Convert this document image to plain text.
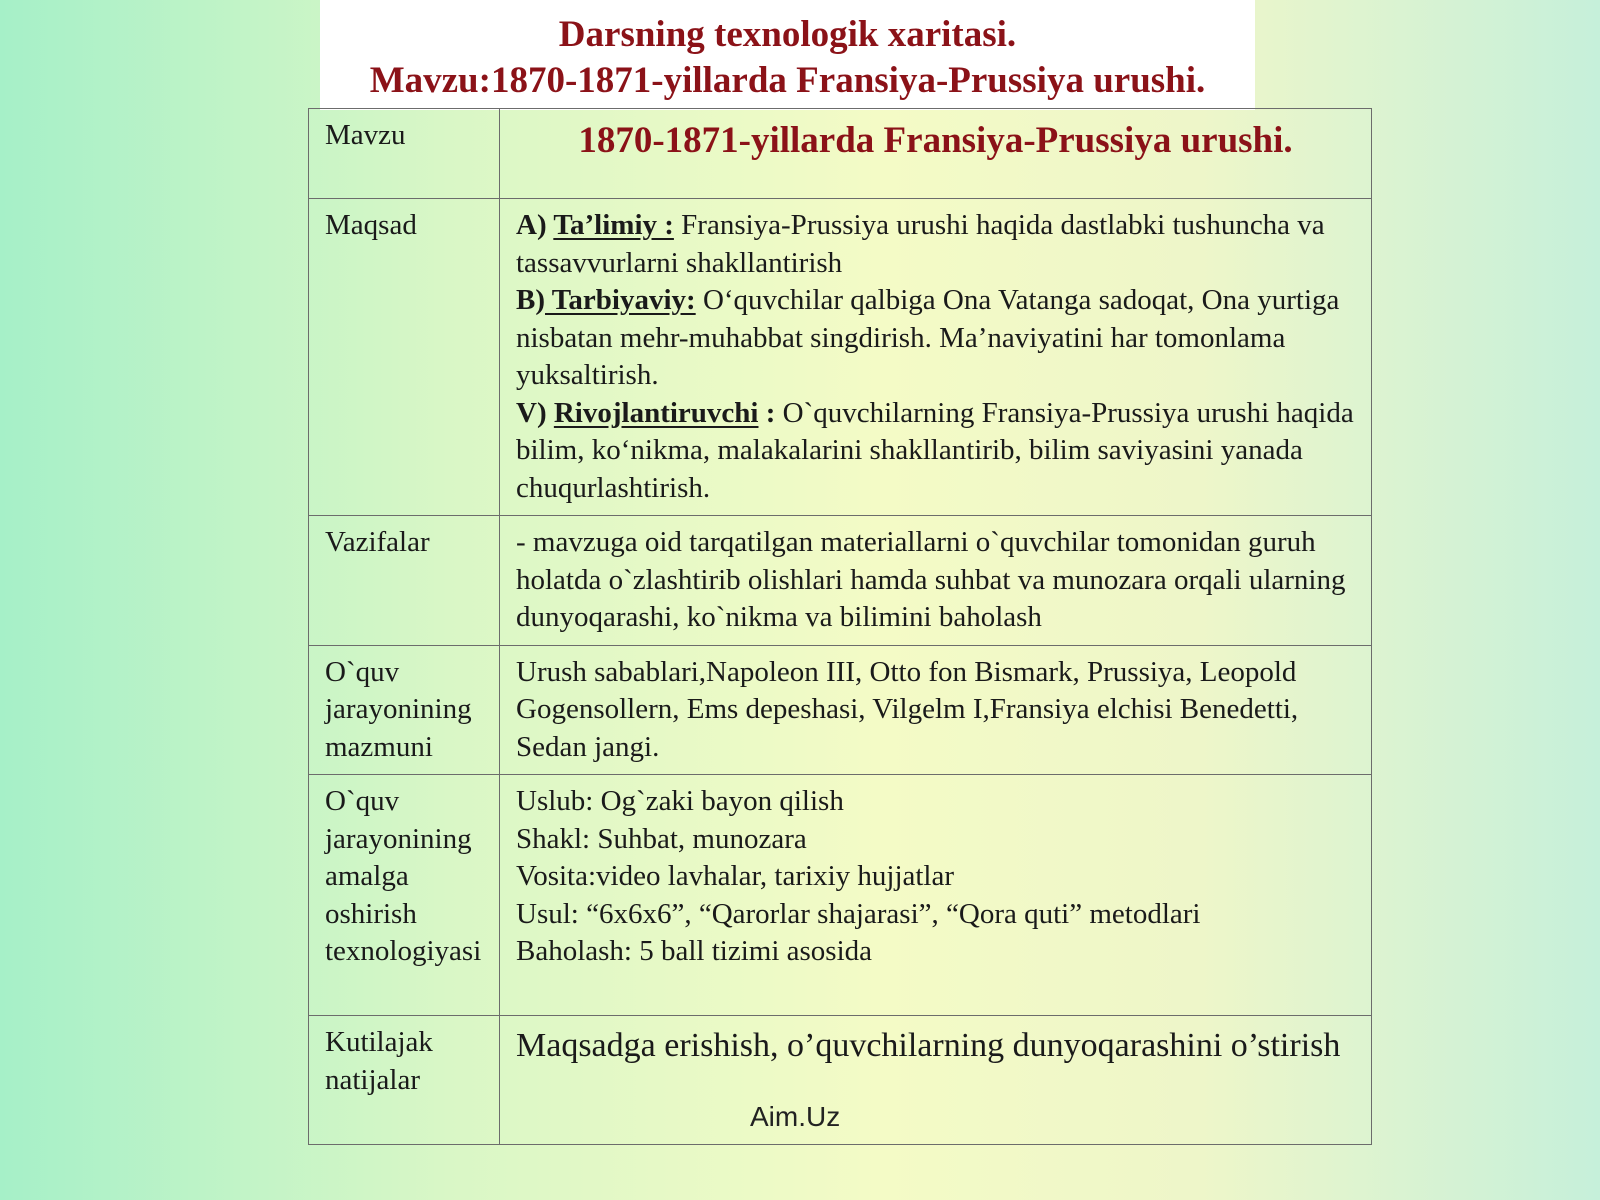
Darsning texnologik xaritasi.
Mavzu:1870-1871-yillarda Fransiya-Prussiya urushi.
Mavzu	1870-1871-yillarda Fransiya-Prussiya urushi.

Maqsad	A) Taʼlimiy : Fransiya-Prussiya urushi haqida dastlabki tushuncha va tassavvurlarni shakllantirish
B) Tarbiyaviy: Oʻquvchilar qalbiga Ona Vatanga sadoqat, Ona yurtiga nisbatan mehr-muhabbat singdirish. Maʼnaviyatini har tomonlama yuksaltirish.
V) Rivojlantiruvchi : O`quvchilarning Fransiya-Prussiya urushi haqida bilim, koʻnikma, malakalarini shakllantirib, bilim saviyasini yanada chuqurlashtirish.

Vazifalar	- mavzuga oid tarqatilgan materiallarni o`quvchilar tomonidan guruh holatda o`zlashtirib olishlari hamda suhbat va munozara orqali ularning dunyoqarashi, ko`nikma va bilimini baholash
O`quv jarayonining mazmuni	Urush sabablari,Napoleon III, Otto fon Bismark, Prussiya, Leopold Gogensollern, Ems depeshasi, Vilgelm I,Fransiya elchisi Benedetti, Sedan jangi.
O`quv jarayonining amalga oshirish texnologiyasi	Uslub: Og`zaki bayon qilish
Shakl: Suhbat, munozara
Vosita:video lavhalar, tarixiy hujjatlar
Usul: “6x6x6”, “Qarorlar shajarasi”, “Qora quti” metodlari
Baholash: 5 ball tizimi asosida

Kutilajak natijalar	Maqsadga erishish, o’quvchilarning dunyoqarashini o’stirish
Aim.Uz
